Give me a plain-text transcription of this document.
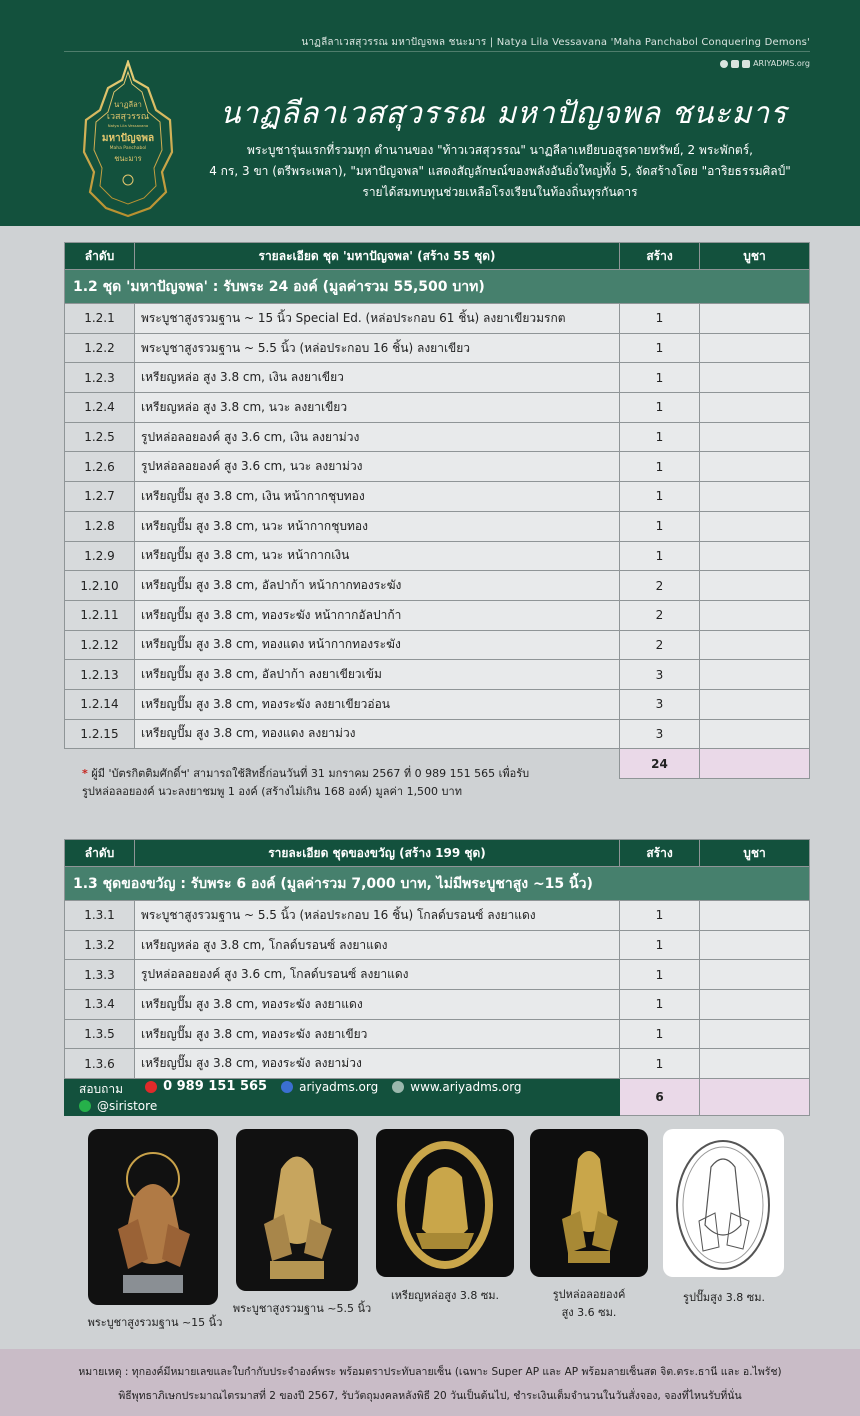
นาฏลีลาเวสสุวรรณ มหาปัญจพล ชนะมาร | Natya Lila Vessavana 'Maha Panchabol Conquering Demons'
ARIYADMS.org
นาฏลีลา
เวสสุวรรณ
Natya Lila Vessavana
มหาปัญจพล
Maha Panchabol
ชนะมาร
นาฏลีลาเวสสุวรรณ มหาปัญจพล ชนะมาร
พระบูชารุ่นแรกที่รวมทุก ตำนานของ "ท้าวเวสสุวรรณ" นาฏลีลาเหยียบอสูรคายทรัพย์, 2 พระพักตร์,
4 กร, 3 ขา (ตรีพระเพลา), "มหาปัญจพล" แสดงสัญลักษณ์ของพลังอันยิ่งใหญ่ทั้ง 5, จัดสร้างโดย "อาริยธรรมศิลป์"
รายได้สมทบทุนช่วยเหลือโรงเรียนในท้องถิ่นทุรกันดาร
ลำดับ	รายละเอียด ชุด 'มหาปัญจพล' (สร้าง 55 ชุด)	สร้าง	บูชา
1.2 ชุด 'มหาปัญจพล' : รับพระ 24 องค์ (มูลค่ารวม 55,500 บาท)			
1.2.1	พระบูชาสูงรวมฐาน ~ 15 นิ้ว Special Ed. (หล่อประกอบ 61 ชิ้น) ลงยาเขียวมรกต	1	
1.2.2	พระบูชาสูงรวมฐาน ~ 5.5 นิ้ว (หล่อประกอบ 16 ชิ้น) ลงยาเขียว	1	
1.2.3	เหรียญหล่อ สูง 3.8 cm, เงิน ลงยาเขียว	1	
1.2.4	เหรียญหล่อ สูง 3.8 cm, นวะ ลงยาเขียว	1	
1.2.5	รูปหล่อลอยองค์ สูง 3.6 cm, เงิน ลงยาม่วง	1	
1.2.6	รูปหล่อลอยองค์ สูง 3.6 cm, นวะ ลงยาม่วง	1	
1.2.7	เหรียญปั๊ม สูง 3.8 cm, เงิน หน้ากากชุบทอง	1	
1.2.8	เหรียญปั๊ม สูง 3.8 cm, นวะ หน้ากากชุบทอง	1	
1.2.9	เหรียญปั๊ม สูง 3.8 cm, นวะ หน้ากากเงิน	1	
1.2.10	เหรียญปั๊ม สูง 3.8 cm, อัลปาก้า หน้ากากทองระฆัง	2	
1.2.11	เหรียญปั๊ม สูง 3.8 cm, ทองระฆัง หน้ากากอัลปาก้า	2	
1.2.12	เหรียญปั๊ม สูง 3.8 cm, ทองแดง หน้ากากทองระฆัง	2	
1.2.13	เหรียญปั๊ม สูง 3.8 cm, อัลปาก้า ลงยาเขียวเข้ม	3	
1.2.14	เหรียญปั๊ม สูง 3.8 cm, ทองระฆัง ลงยาเขียวอ่อน	3	
1.2.15	เหรียญปั๊ม สูง 3.8 cm, ทองแดง ลงยาม่วง	3	
		24	
* ผู้มี 'บัตรกิตติมศักดิ์ฯ' สามารถใช้สิทธิ์ก่อนวันที่ 31 มกราคม 2567 ที่ 0 989 151 565 เพื่อรับ
รูปหล่อลอยองค์ นวะลงยาชมพู 1 องค์ (สร้างไม่เกิน 168 องค์) มูลค่า 1,500 บาท
ลำดับ	รายละเอียด ชุดของขวัญ (สร้าง 199 ชุด)	สร้าง	บูชา
1.3 ชุดของขวัญ : รับพระ 6 องค์ (มูลค่ารวม 7,000 บาท, ไม่มีพระบูชาสูง ~15 นิ้ว)			
1.3.1	พระบูชาสูงรวมฐาน ~ 5.5 นิ้ว (หล่อประกอบ 16 ชิ้น) โกลด์บรอนซ์ ลงยาแดง	1	
1.3.2	เหรียญหล่อ สูง 3.8 cm, โกลด์บรอนซ์ ลงยาแดง	1	
1.3.3	รูปหล่อลอยองค์ สูง 3.6 cm, โกลด์บรอนซ์ ลงยาแดง	1	
1.3.4	เหรียญปั๊ม สูง 3.8 cm, ทองระฆัง ลงยาแดง	1	
1.3.5	เหรียญปั๊ม สูง 3.8 cm, ทองระฆัง ลงยาเขียว	1	
1.3.6	เหรียญปั๊ม สูง 3.8 cm, ทองระฆัง ลงยาม่วง	1	
สอบถาม 0 989 151 565 ariyadms.org www.ariyadms.org
@siristore		6	
พระบูชาสูงรวมฐาน ~15 นิ้ว
พระบูชาสูงรวมฐาน ~5.5 นิ้ว
เหรียญหล่อสูง 3.8 ซม.	รูปหล่อลอยองค์
สูง 3.6 ซม.
รูปปั๊มสูง 3.8 ซม.

หมายเหตุ : ทุกองค์มีหมายเลขและใบกำกับประจำองค์พระ พร้อมตราประทับลายเซ็น (เฉพาะ Super AP และ AP พร้อมลายเซ็นสด จิต.ตระ.ธานี และ อ.ไพรัช)

พิธีพุทธาภิเษกประมาณไตรมาสที่ 2 ของปี 2567, รับวัตถุมงคลหลังพิธี 20 วันเป็นต้นไป, ชำระเงินเต็มจำนวนในวันสั่งจอง, จองที่ไหนรับที่นั่น
